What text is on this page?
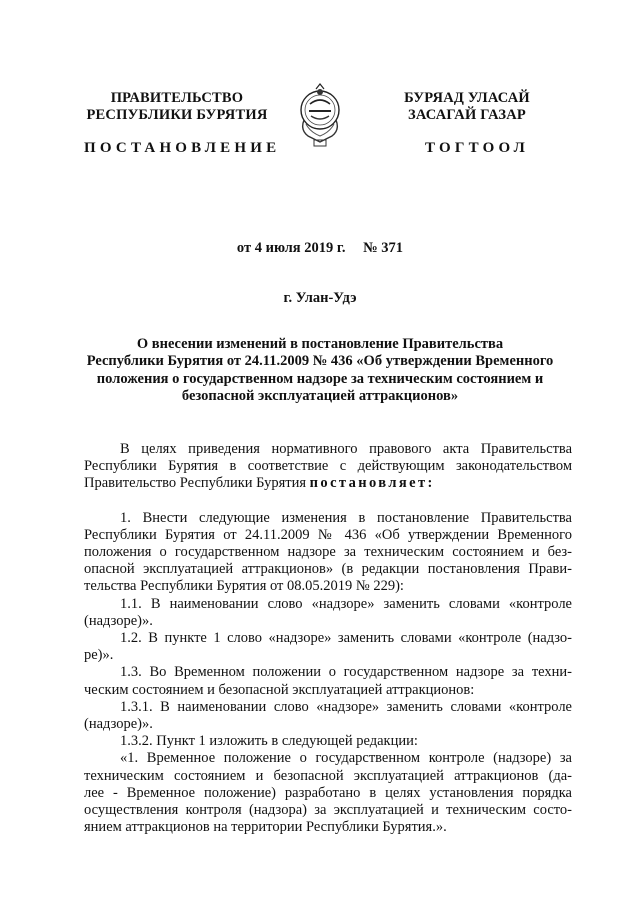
ПРАВИТЕЛЬСТВО
РЕСПУБЛИКИ БУРЯТИЯ
БУРЯАД УЛАСАЙ
ЗАСАГАЙ ГАЗАР
ПОСТАНОВЛЕНИЕ	ТОГТООЛ
от 4 июля 2019 г. № 371
г. Улан-Удэ
О внесении изменений в постановление Правительства
Республики Бурятия от 24.11.2009 № 436 «Об утверждении Временного
положения о государственном надзоре за техническим состоянием и
безопасной эксплуатацией аттракционов»
В целях приведения нормативного правового акта Правительства
Республики Бурятия в соответствие с действующим законодательством
Правительство Республики Бурятия постановляет:
1. Внести следующие изменения в постановление Правительства
Республики Бурятия от 24.11.2009 № 436 «Об утверждении Временного
положения о государственном надзоре за техническим состоянием и без-
опасной эксплуатацией аттракционов» (в редакции постановления Прави-
тельства Республики Бурятия от 08.05.2019 № 229):
1.1. В наименовании слово «надзоре» заменить словами «контроле
(надзоре)».
1.2. В пункте 1 слово «надзоре» заменить словами «контроле (надзо-
ре)».
1.3. Во Временном положении о государственном надзоре за техни-
ческим состоянием и безопасной эксплуатацией аттракционов:
1.3.1. В наименовании слово «надзоре» заменить словами «контроле
(надзоре)».
1.3.2. Пункт 1 изложить в следующей редакции:
«1. Временное положение о государственном контроле (надзоре) за
техническим состоянием и безопасной эксплуатацией аттракционов (да-
лее - Временное положение) разработано в целях установления порядка
осуществления контроля (надзора) за эксплуатацией и техническим состо-
янием аттракционов на территории Республики Бурятия.».
